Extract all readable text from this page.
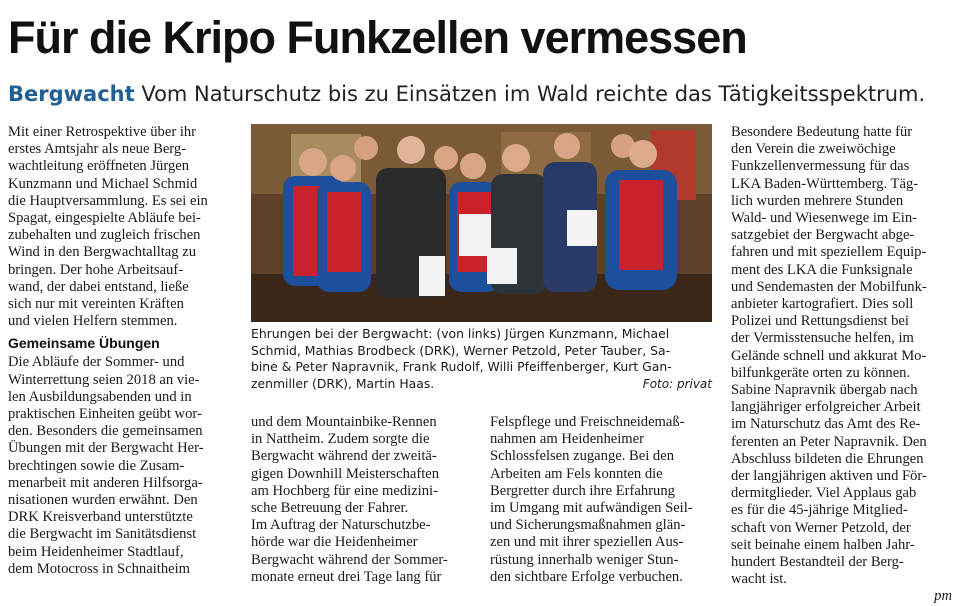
Für die Kripo Funkzellen vermessen
Bergwacht Vom Naturschutz bis zu Einsätzen im Wald reichte das Tätigkeitsspektrum.

Mit einer Retrospektive über ihr
erstes Amtsjahr als neue Berg-
wachtleitung eröffneten Jürgen
Kunzmann und Michael Schmid
die Hauptversammlung. Es sei ein
Spagat, eingespielte Abläufe bei-
zubehalten und zugleich frischen
Wind in den Bergwachtalltag zu
bringen. Der hohe Arbeitsauf-
wand, der dabei entstand, ließe
sich nur mit vereinten Kräften
und vielen Helfern stemmen.

Gemeinsame Übungen

Die Abläufe der Sommer- und
Winterrettung seien 2018 an vie-
len Ausbildungsabenden und in
praktischen Einheiten geübt wor-
den. Besonders die gemeinsamen
Übungen mit der Bergwacht Her-
brechtingen sowie die Zusam-
menarbeit mit anderen Hilfsorga-
nisationen wurden erwähnt. Den
DRK Kreisverband unterstützte
die Bergwacht im Sanitätsdienst
beim Heidenheimer Stadtlauf,
dem Motocross in Schnaitheim

Ehrungen bei der Bergwacht: (von links) Jürgen Kunzmann, Michael
Schmid, Mathias Brodbeck (DRK), Werner Petzold, Peter Tauber, Sa-
bine & Peter Napravnik, Frank Rudolf, Willi Pfeiffenberger, Kurt Gan-
zenmiller (DRK), Martin Haas.	Foto: privat

und dem Mountainbike-Rennen
in Nattheim. Zudem sorgte die
Bergwacht während der zweitä-
gigen Downhill Meisterschaften
am Hochberg für eine medizini-
sche Betreuung der Fahrer.
Im Auftrag der Naturschutzbe-
hörde war die Heidenheimer
Bergwacht während der Sommer-
monate erneut drei Tage lang für

Felspflege und Freischneidemaß-
nahmen am Heidenheimer
Schlossfelsen zugange. Bei den
Arbeiten am Fels konnten die
Bergretter durch ihre Erfahrung
im Umgang mit aufwändigen Seil-
und Sicherungsmaßnahmen glän-
zen und mit ihrer speziellen Aus-
rüstung innerhalb weniger Stun-
den sichtbare Erfolge verbuchen.

Besondere Bedeutung hatte für
den Verein die zweiwöchige
Funkzellenvermessung für das
LKA Baden-Württemberg. Täg-
lich wurden mehrere Stunden
Wald- und Wiesenwege im Ein-
satzgebiet der Bergwacht abge-
fahren und mit speziellem Equip-
ment des LKA die Funksignale
und Sendemasten der Mobilfunk-
anbieter kartografiert. Dies soll
Polizei und Rettungsdienst bei
der Vermisstensuche helfen, im
Gelände schnell und akkurat Mo-
bilfunkgeräte orten zu können.
Sabine Napravnik übergab nach
langjähriger erfolgreicher Arbeit
im Naturschutz das Amt des Re-
ferenten an Peter Napravnik. Den
Abschluss bildeten die Ehrungen
der langjährigen aktiven und För-
dermitglieder. Viel Applaus gab
es für die 45-jährige Mitglied-
schaft von Werner Petzold, der
seit beinahe einem halben Jahr-
hundert Bestandteil der Berg-
wacht ist.

pm
